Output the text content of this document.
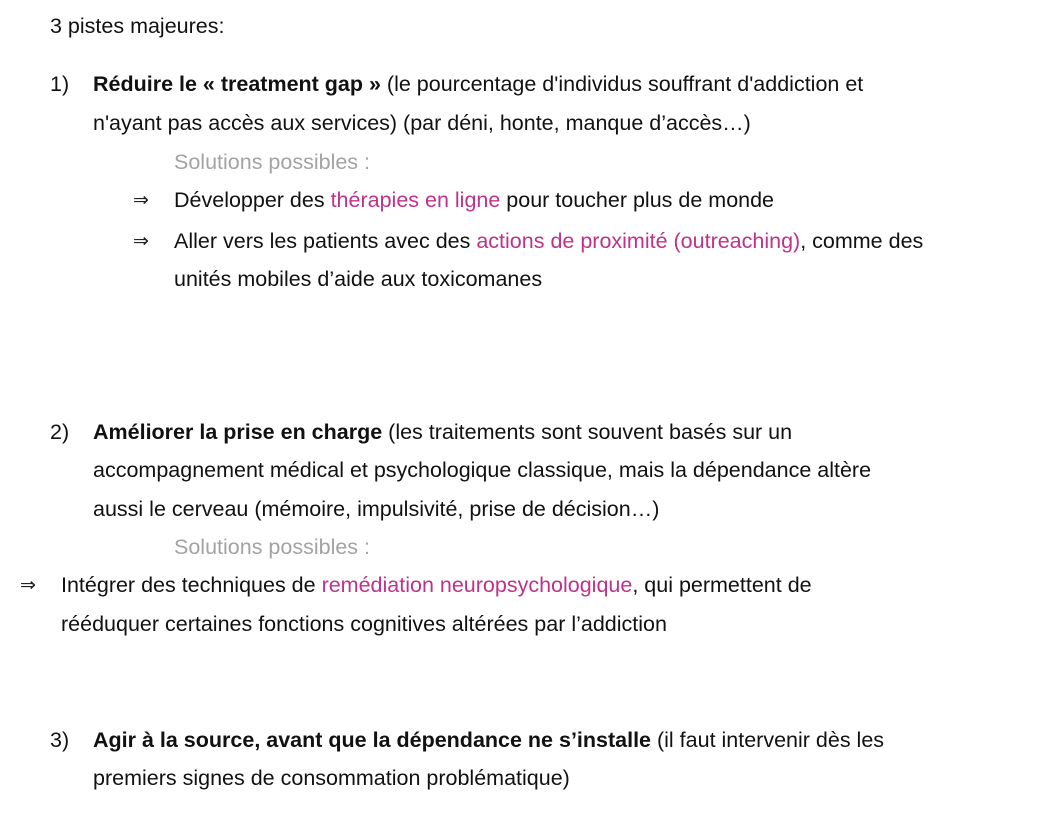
3 pistes majeures:
1) Réduire le « treatment gap » (le pourcentage d'individus souffrant d'addiction et
n'ayant pas accès aux services) (par déni, honte, manque d’accès…)
Solutions possibles :
⇒ Développer des thérapies en ligne pour toucher plus de monde
⇒ Aller vers les patients avec des actions de proximité (outreaching), comme des
unités mobiles d’aide aux toxicomanes
2) Améliorer la prise en charge (les traitements sont souvent basés sur un
accompagnement médical et psychologique classique, mais la dépendance altère
aussi le cerveau (mémoire, impulsivité, prise de décision…)
Solutions possibles :
⇒ Intégrer des techniques de remédiation neuropsychologique, qui permettent de
rééduquer certaines fonctions cognitives altérées par l’addiction
3) Agir à la source, avant que la dépendance ne s’installe (il faut intervenir dès les
premiers signes de consommation problématique)
